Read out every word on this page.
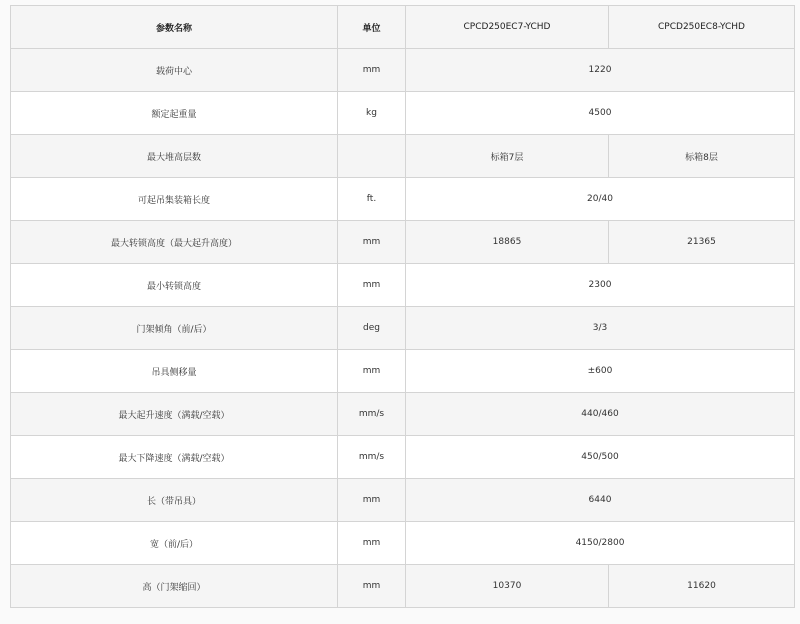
参数名称	单位	CPCD250EC7-YCHD	CPCD250EC8-YCHD
载荷中心	mm	1220	
额定起重量	kg	4500	
最大堆高层数		标箱7层	标箱8层
可起吊集装箱长度	ft.	20/40	
最大转锁高度（最大起升高度）	mm	18865	21365
最小转锁高度	mm	2300	
门架倾角（前/后）	deg	3/3	
吊具侧移量	mm	±600	
最大起升速度（满载/空载）	mm/s	440/460	
最大下降速度（满载/空载）	mm/s	450/500	
长（带吊具）	mm	6440	
宽（前/后）	mm	4150/2800	
高（门架缩回）	mm	10370	11620
